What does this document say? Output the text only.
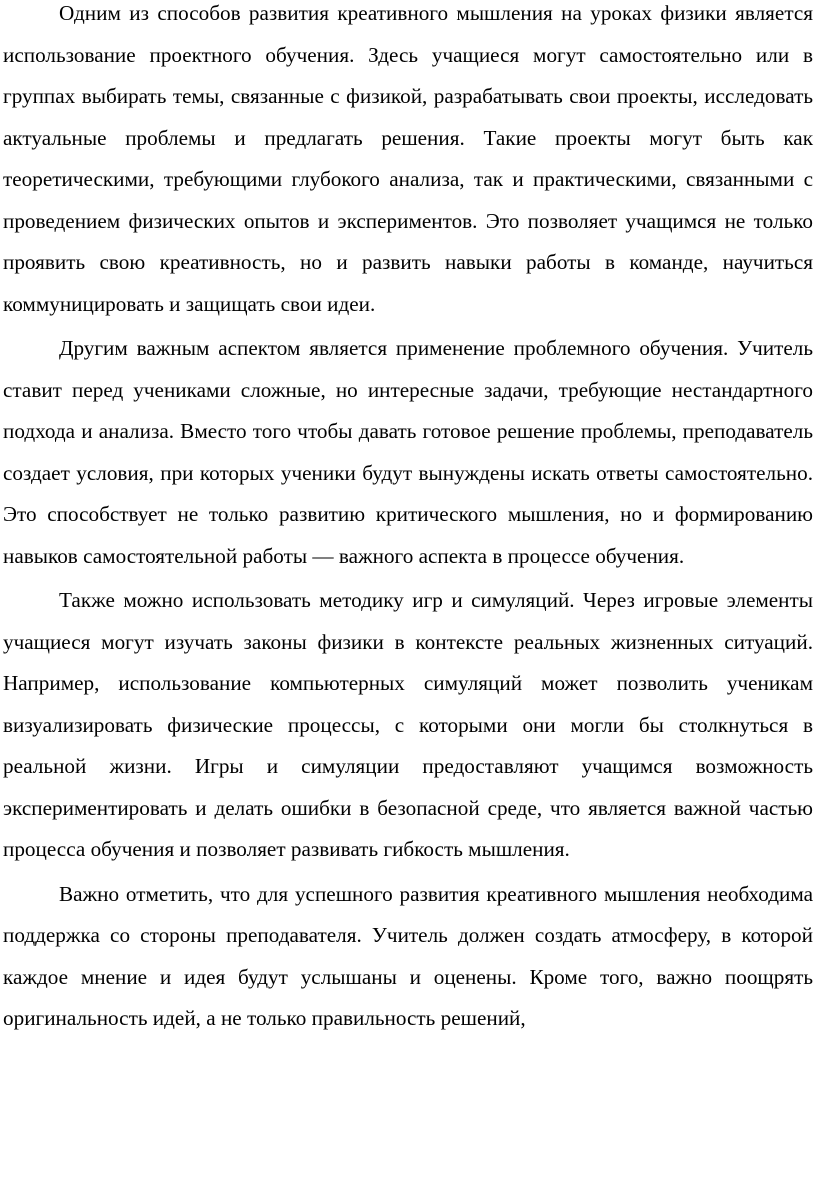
Одним из способов развития креативного мышления на уроках физики является использование проектного обучения. Здесь учащиеся могут самостоятельно или в группах выбирать темы, связанные с физикой, разрабатывать свои проекты, исследовать актуальные проблемы и предлагать решения. Такие проекты могут быть как теоретическими, требующими глубокого анализа, так и практическими, связанными с проведением физических опытов и экспериментов. Это позволяет учащимся не только проявить свою креативность, но и развить навыки работы в команде, научиться коммуницировать и защищать свои идеи.

Другим важным аспектом является применение проблемного обучения. Учитель ставит перед учениками сложные, но интересные задачи, требующие нестандартного подхода и анализа. Вместо того чтобы давать готовое решение проблемы, преподаватель создает условия, при которых ученики будут вынуждены искать ответы самостоятельно. Это способствует не только развитию критического мышления, но и формированию навыков самостоятельной работы — важного аспекта в процессе обучения.

Также можно использовать методику игр и симуляций. Через игровые элементы учащиеся могут изучать законы физики в контексте реальных жизненных ситуаций. Например, использование компьютерных симуляций может позволить ученикам визуализировать физические процессы, с которыми они могли бы столкнуться в реальной жизни. Игры и симуляции предоставляют учащимся возможность экспериментировать и делать ошибки в безопасной среде, что является важной частью процесса обучения и позволяет развивать гибкость мышления.

Важно отметить, что для успешного развития креативного мышления необходима поддержка со стороны преподавателя. Учитель должен создать атмосферу, в которой каждое мнение и идея будут услышаны и оценены. Кроме того, важно поощрять оригинальность идей, а не только правильность решений,
